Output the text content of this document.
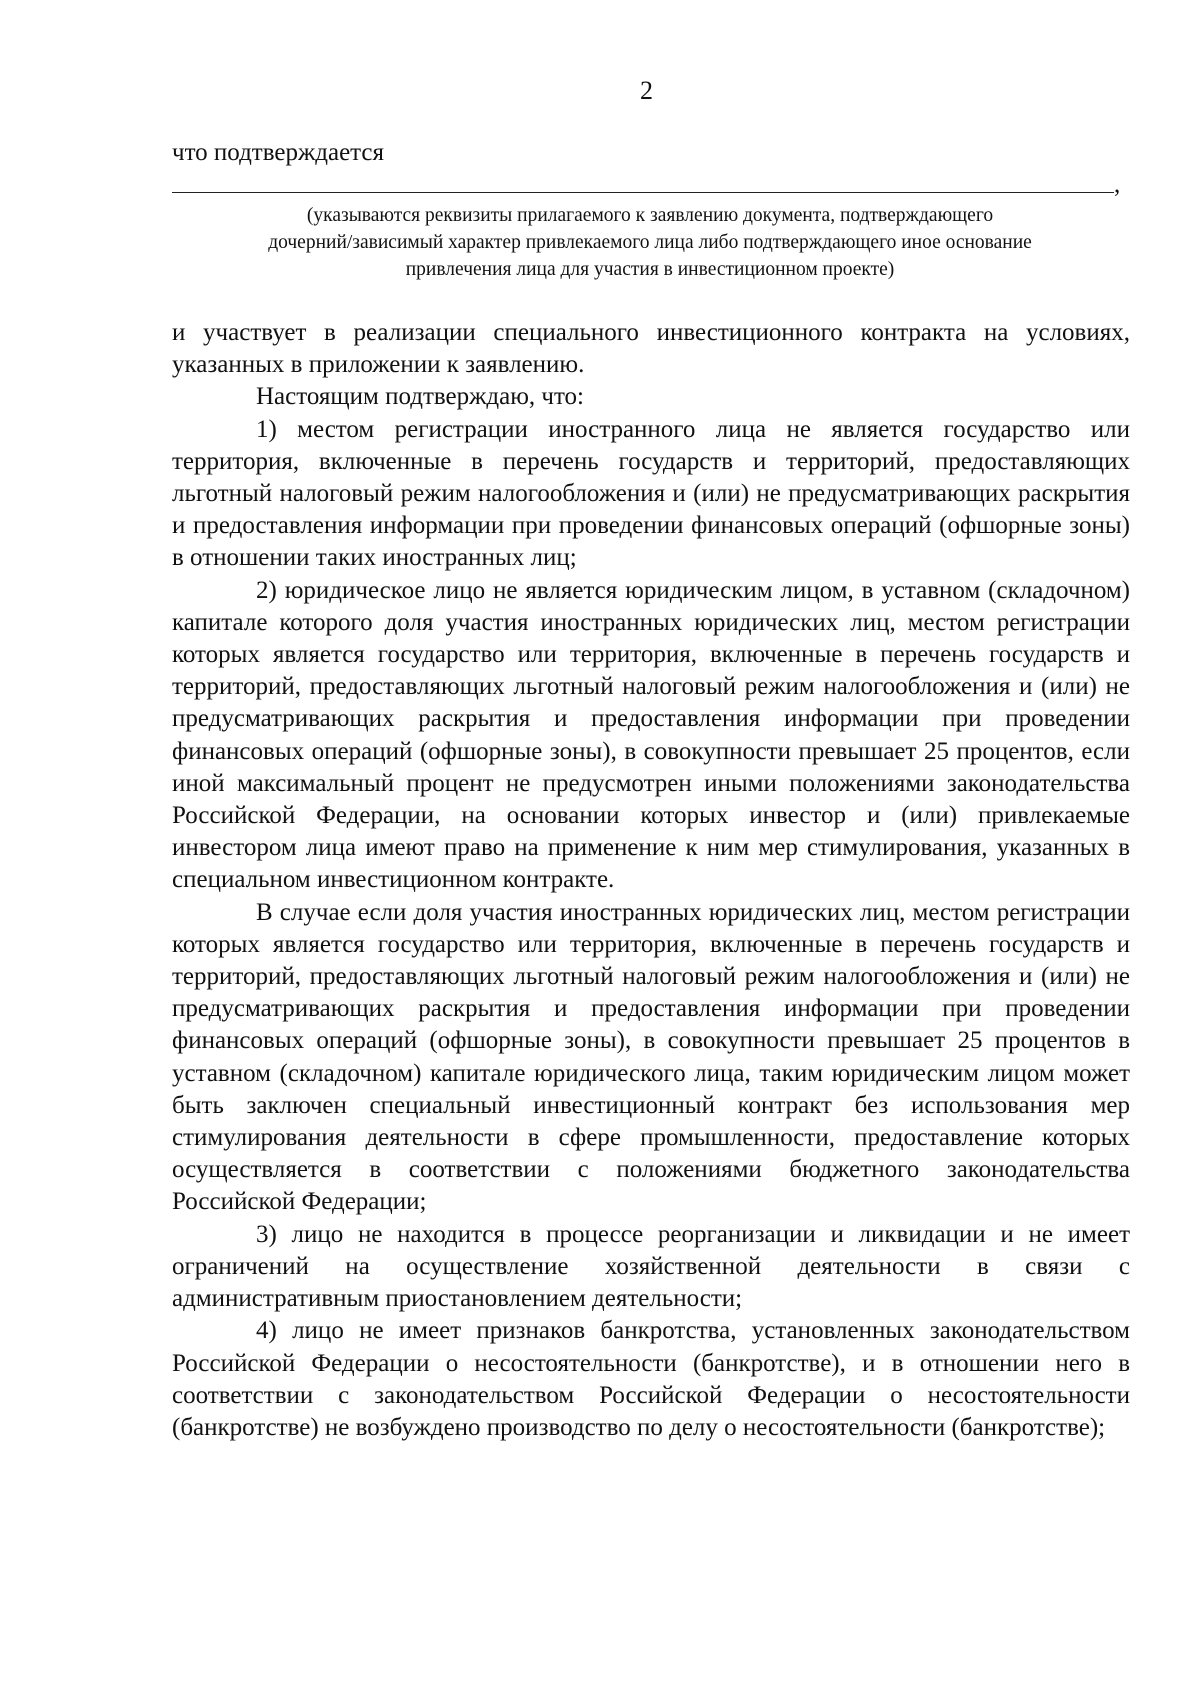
2
что подтверждается
,
(указываются реквизиты прилагаемого к заявлению документа, подтверждающего
дочерний/зависимый характер привлекаемого лица либо подтверждающего иное основание
привлечения лица для участия в инвестиционном проекте)

и участвует в реализации специального инвестиционного контракта на условиях, указанных в приложении к заявлению.

Настоящим подтверждаю, что:

1) местом регистрации иностранного лица не является государство или территория, включенные в перечень государств и территорий, предоставляющих льготный налоговый режим налогообложения и (или) не предусматривающих раскрытия и предоставления информации при проведении финансовых операций (офшорные зоны) в отношении таких иностранных лиц;

2) юридическое лицо не является юридическим лицом, в уставном (складочном) капитале которого доля участия иностранных юридических лиц, местом регистрации которых является государство или территория, включенные в перечень государств и территорий, предоставляющих льготный налоговый режим налогообложения и (или) не предусматривающих раскрытия и предоставления информации при проведении финансовых операций (офшорные зоны), в совокупности превышает 25 процентов, если иной максимальный процент не предусмотрен иными положениями законодательства Российской Федерации, на основании которых инвестор и (или) привлекаемые инвестором лица имеют право на применение к ним мер стимулирования, указанных в специальном инвестиционном контракте.

В случае если доля участия иностранных юридических лиц, местом регистрации которых является государство или территория, включенные в перечень государств и территорий, предоставляющих льготный налоговый режим налогообложения и (или) не предусматривающих раскрытия и предоставления информации при проведении финансовых операций (офшорные зоны), в совокупности превышает 25 процентов в уставном (складочном) капитале юридического лица, таким юридическим лицом может быть заключен специальный инвестиционный контракт без использования мер стимулирования деятельности в сфере промышленности, предоставление которых осуществляется в соответствии с положениями бюджетного законодательства Российской Федерации;

3) лицо не находится в процессе реорганизации и ликвидации и не имеет ограничений на осуществление хозяйственной деятельности в связи с административным приостановлением деятельности;

4) лицо не имеет признаков банкротства, установленных законодательством Российской Федерации о несостоятельности (банкротстве), и в отношении него в соответствии с законодательством Российской Федерации о несостоятельности (банкротстве) не возбуждено производство по делу о несостоятельности (банкротстве);
